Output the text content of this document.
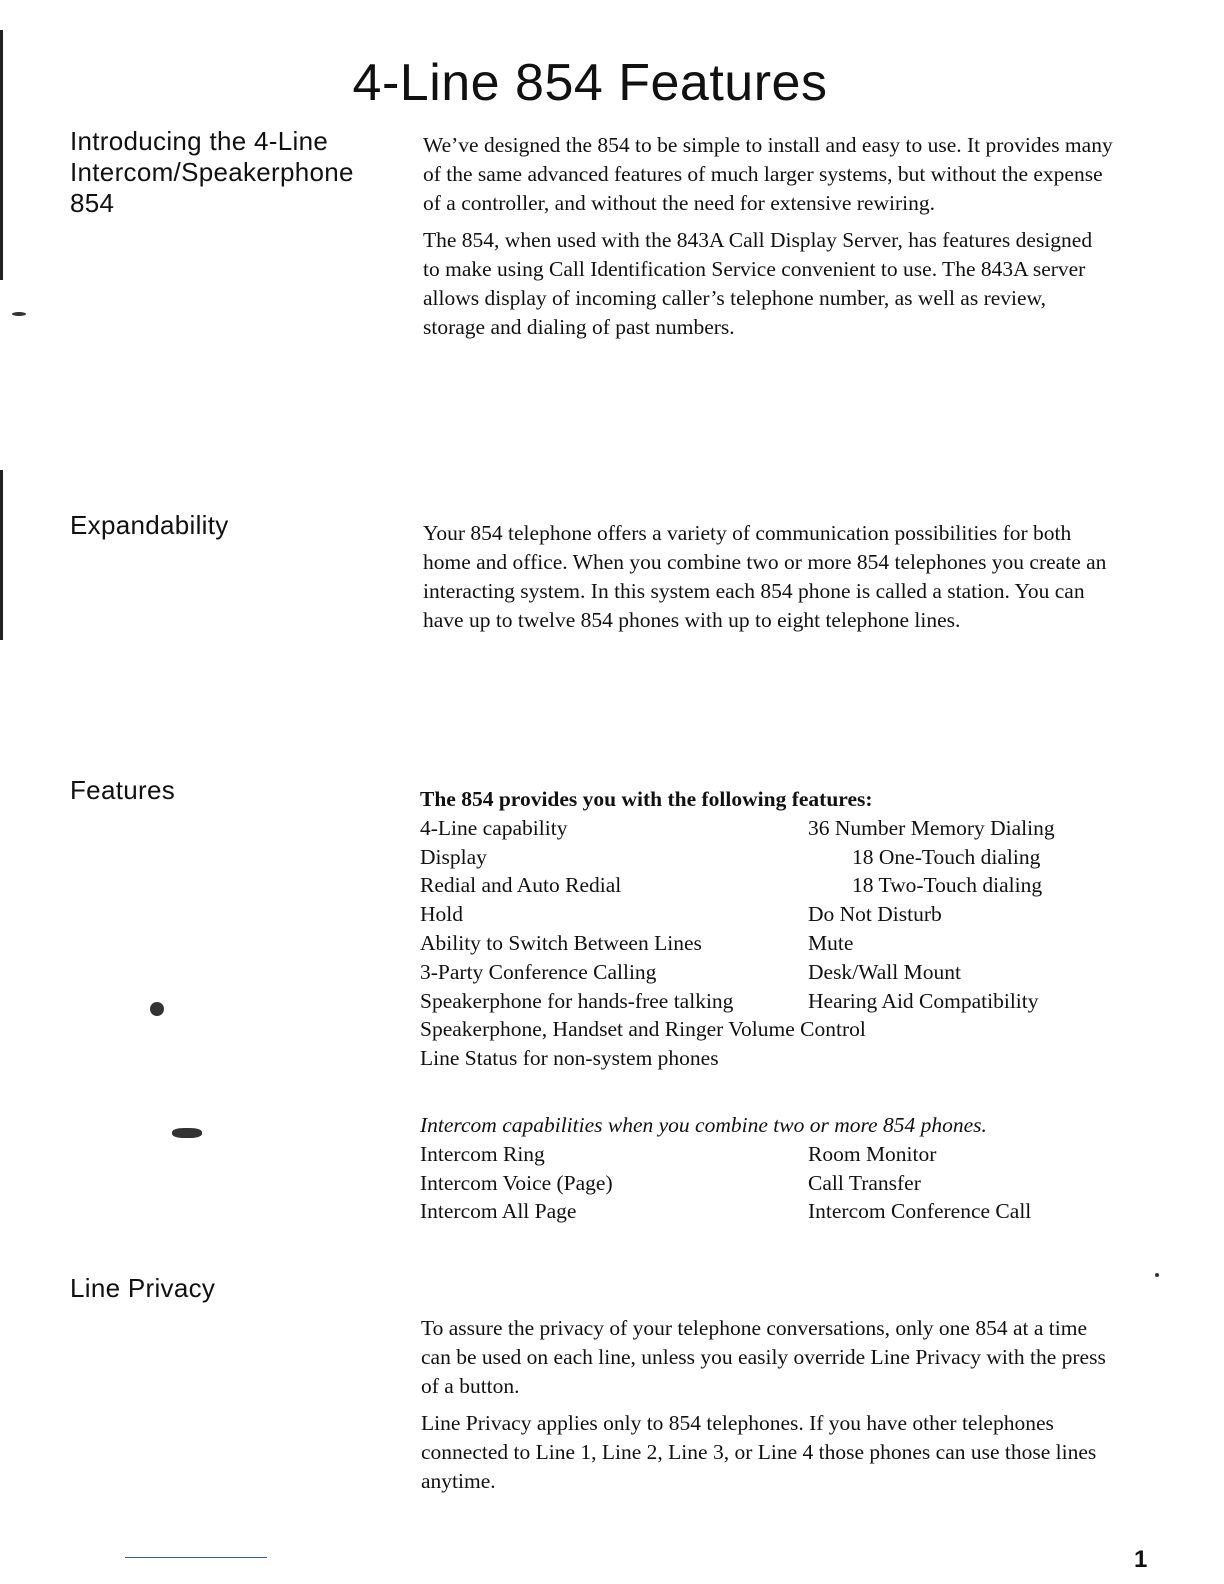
4-Line 854 Features
Introducing the 4-Line
Intercom/Speakerphone
854

We’ve designed the 854 to be simple to install and easy to use. It provides many of the same advanced features of much larger systems, but without the expense of a controller, and without the need for extensive rewiring.

The 854, when used with the 843A Call Display Server, has features designed to make using Call Identification Service convenient to use. The 843A server allows display of incoming caller’s telephone number, as well as review, storage and dialing of past numbers.

Expandability	Your 854 telephone offers a variety of communication possibilities for both home and office. When you combine two or more 854 telephones you create an interacting system. In this system each 854 phone is called a station. You can have up to twelve 854 phones with up to eight telephone lines.

Features	The 854 provides you with the following features:
4-Line capability	36 Number Memory Dialing
Display	18 One-Touch dialing
Redial and Auto Redial	18 Two-Touch dialing
Hold	Do Not Disturb
Ability to Switch Between Lines	Mute
3-Party Conference Calling	Desk/Wall Mount
Speakerphone for hands-free talking	Hearing Aid Compatibility
Speakerphone, Handset and Ringer Volume Control
Line Status for non-system phones
Intercom capabilities when you combine two or more 854 phones.
Intercom Ring	Room Monitor
Intercom Voice (Page)	Call Transfer
Intercom All Page	Intercom Conference Call
Line Privacy

To assure the privacy of your telephone conversations, only one 854 at a time can be used on each line, unless you easily override Line Privacy with the press of a button.

Line Privacy applies only to 854 telephones. If you have other telephones connected to Line 1, Line 2, Line 3, or Line 4 those phones can use those lines anytime.

1
